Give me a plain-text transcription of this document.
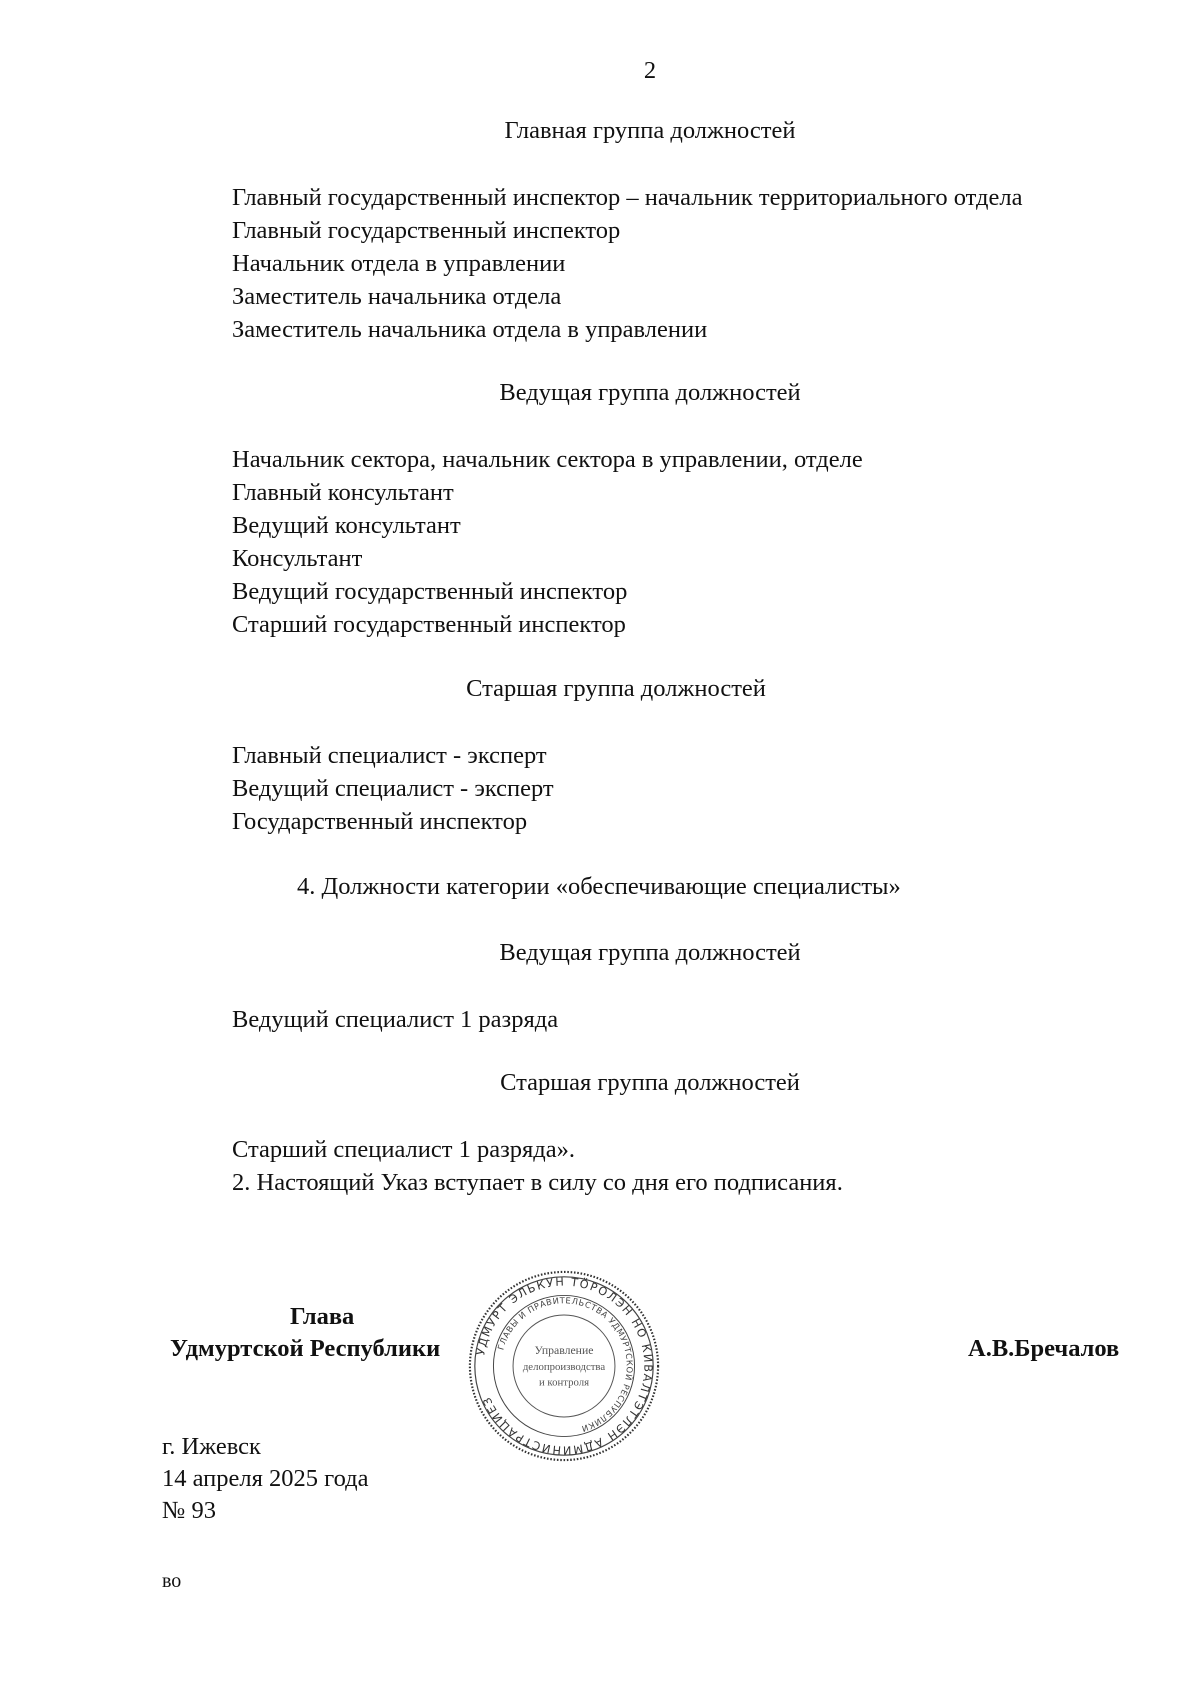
2
Главная группа должностей
Главный государственный инспектор – начальник территориального отдела
Главный государственный инспектор
Начальник отдела в управлении
Заместитель начальника отдела
Заместитель начальника отдела в управлении
Ведущая группа должностей
Начальник сектора, начальник сектора в управлении, отделе
Главный консультант
Ведущий консультант
Консультант
Ведущий государственный инспектор
Старший государственный инспектор
Старшая группа должностей
Главный специалист - эксперт
Ведущий специалист - эксперт
Государственный инспектор
4. Должности категории «обеспечивающие специалисты»
Ведущая группа должностей
Ведущий специалист 1 разряда
Старшая группа должностей
Старший специалист 1 разряда».
2. Настоящий Указ вступает в силу со дня его подписания.
Глава
Удмуртской Республики	А.В.Бречалов
УДМУРТ ЭЛЬКУН ТӦРОЛЭН НО КИВАЛТЭТЛЭН АДМИНИСТРАЦИЕЗ
ГЛАВЫ И ПРАВИТЕЛЬСТВА УДМУРТСКОЙ РЕСПУБЛИКИ
Управление
делопроизводства
и контроля
г. Ижевск
14 апреля 2025 года
№ 93
во
